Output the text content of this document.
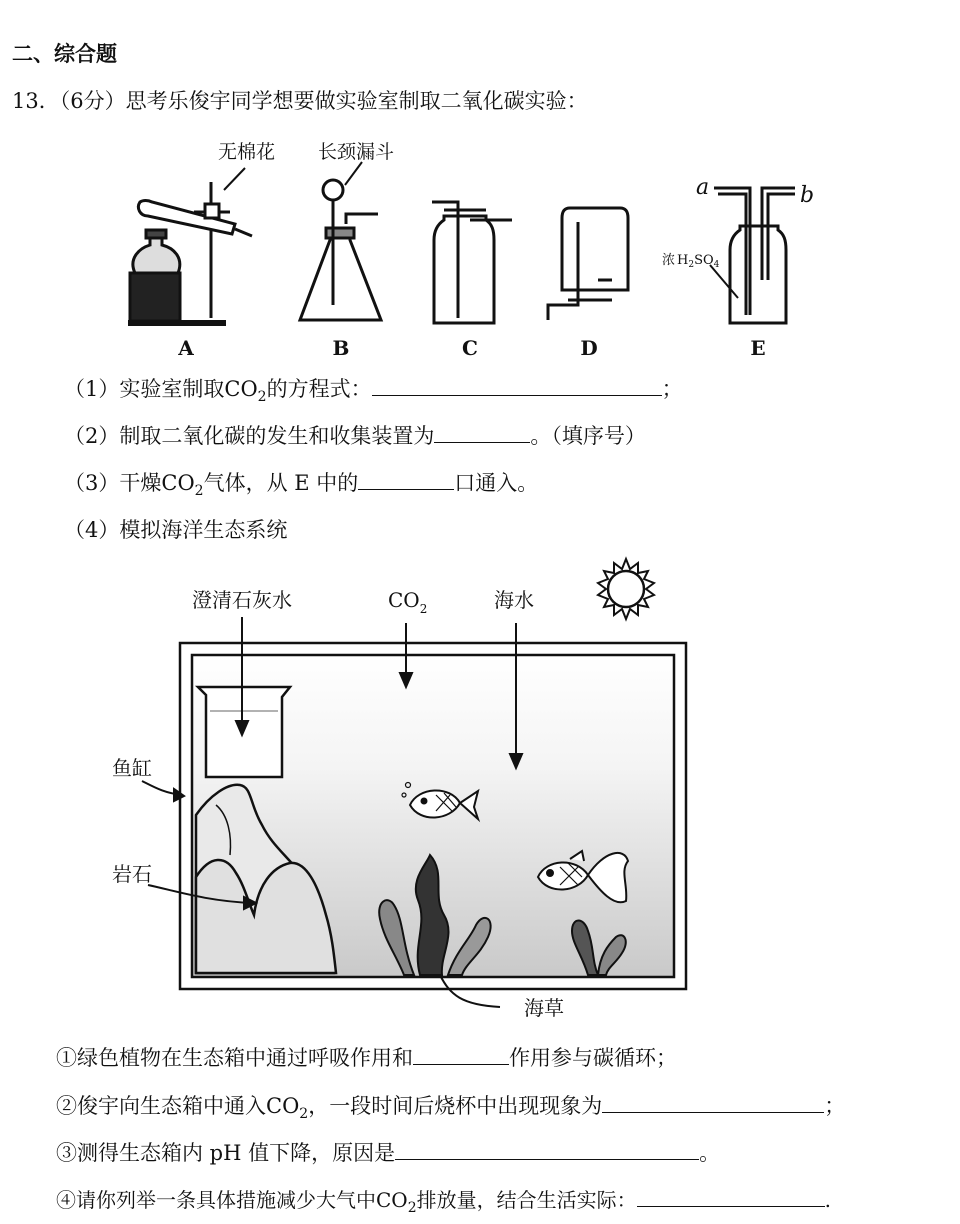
二、综合题
13．（6分）思考乐俊宇同学想要做实验室制取二氧化碳实验：
无棉花 长颈漏斗
a	b
浓 $H_2SO_4$
A	B	C	D	E
（1）实验室制取$CO_2$的方程式：	；
（2）制取二氧化碳的发生和收集装置为	。（填序号）
（3）干燥$CO_2$气体，从 E 中的	口通入。
（4）模拟海洋生态系统
澄清石灰水	$CO_2$	海水
鱼缸
岩石
海草
①绿色植物在生态箱中通过呼吸作用和	作用参与碳循环；
②俊宇向生态箱中通入$CO_2$，一段时间后烧杯中出现现象为	；
③测得生态箱内 pH 值下降，原因是	。
④请你列举一条具体措施减少大气中$CO_2$排放量，结合生活实际：	.
